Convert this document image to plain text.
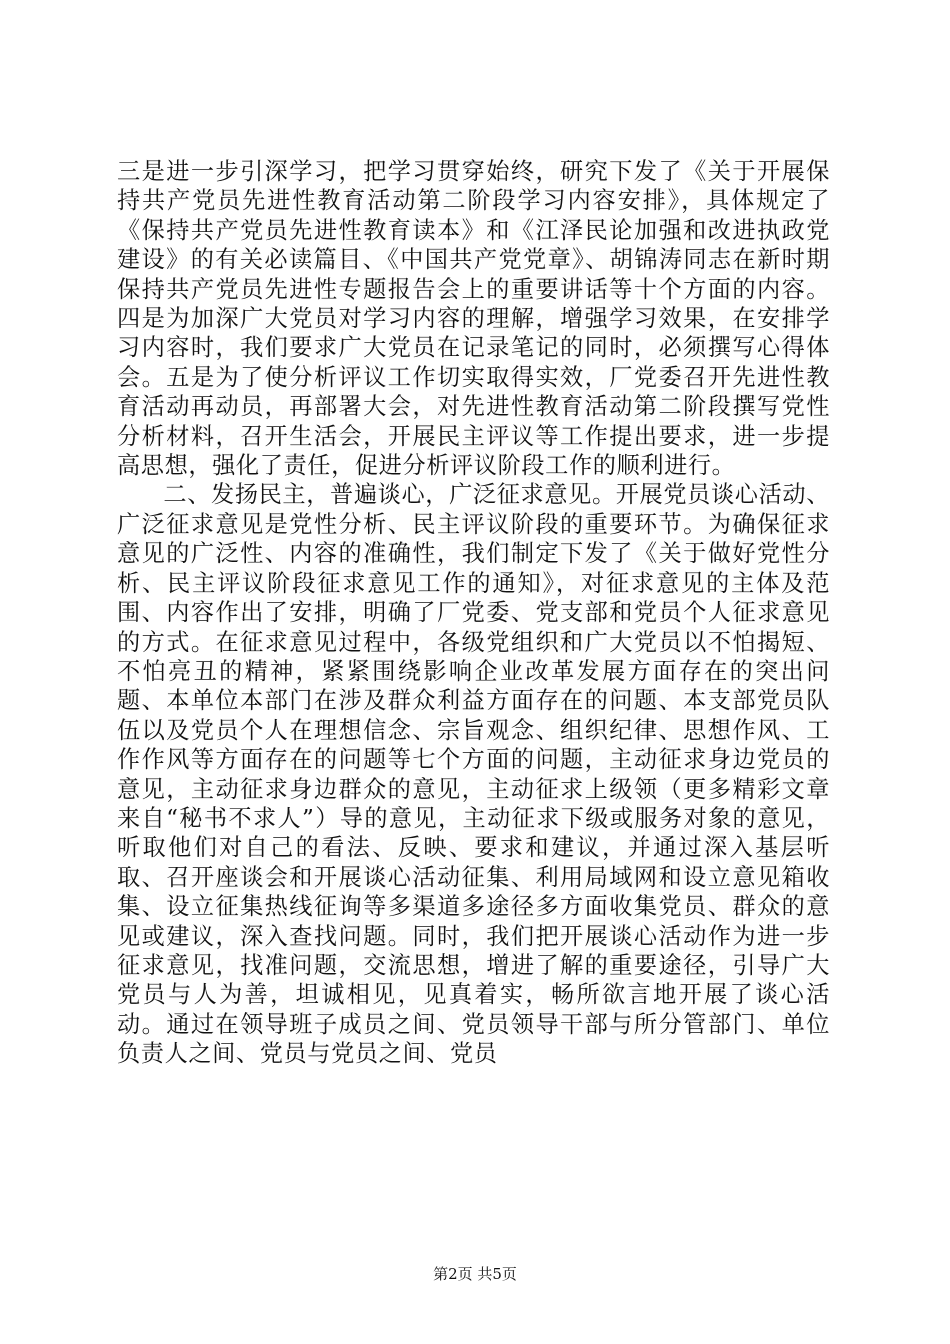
三是进一步引深学习，把学习贯穿始终，研究下发了《关于开展保持共产党员先进性教育活动第二阶段学习内容安排》，具体规定了《保持共产党员先进性教育读本》和《江泽民论加强和改进执政党建设》的有关必读篇目、《中国共产党党章》、胡锦涛同志在新时期保持共产党员先进性专题报告会上的重要讲话等十个方面的内容。四是为加深广大党员对学习内容的理解，增强学习效果，在安排学习内容时，我们要求广大党员在记录笔记的同时，必须撰写心得体会。五是为了使分析评议工作切实取得实效，厂党委召开先进性教育活动再动员，再部署大会，对先进性教育活动第二阶段撰写党性分析材料，召开生活会，开展民主评议等工作提出要求，进一步提高思想，强化了责任，促进分析评议阶段工作的顺利进行。

二、发扬民主，普遍谈心，广泛征求意见。开展党员谈心活动、广泛征求意见是党性分析、民主评议阶段的重要环节。为确保征求意见的广泛性、内容的准确性，我们制定下发了《关于做好党性分析、民主评议阶段征求意见工作的通知》，对征求意见的主体及范围、内容作出了安排，明确了厂党委、党支部和党员个人征求意见的方式。在征求意见过程中，各级党组织和广大党员以不怕揭短、不怕亮丑的精神，紧紧围绕影响企业改革发展方面存在的突出问题、本单位本部门在涉及群众利益方面存在的问题、本支部党员队伍以及党员个人在理想信念、宗旨观念、组织纪律、思想作风、工作作风等方面存在的问题等七个方面的问题，主动征求身边党员的意见，主动征求身边群众的意见，主动征求上级领（更多精彩文章来自“秘书不求人”）导的意见，主动征求下级或服务对象的意见，听取他们对自己的看法、反映、要求和建议，并通过深入基层听取、召开座谈会和开展谈心活动征集、利用局域网和设立意见箱收集、设立征集热线征询等多渠道多途径多方面收集党员、群众的意见或建议，深入查找问题。同时，我们把开展谈心活动作为进一步征求意见，找准问题，交流思想，增进了解的重要途径，引导广大党员与人为善，坦诚相见，见真着实，畅所欲言地开展了谈心活动。通过在领导班子成员之间、党员领导干部与所分管部门、单位负责人之间、党员与党员之间、党员

第2页 共5页
